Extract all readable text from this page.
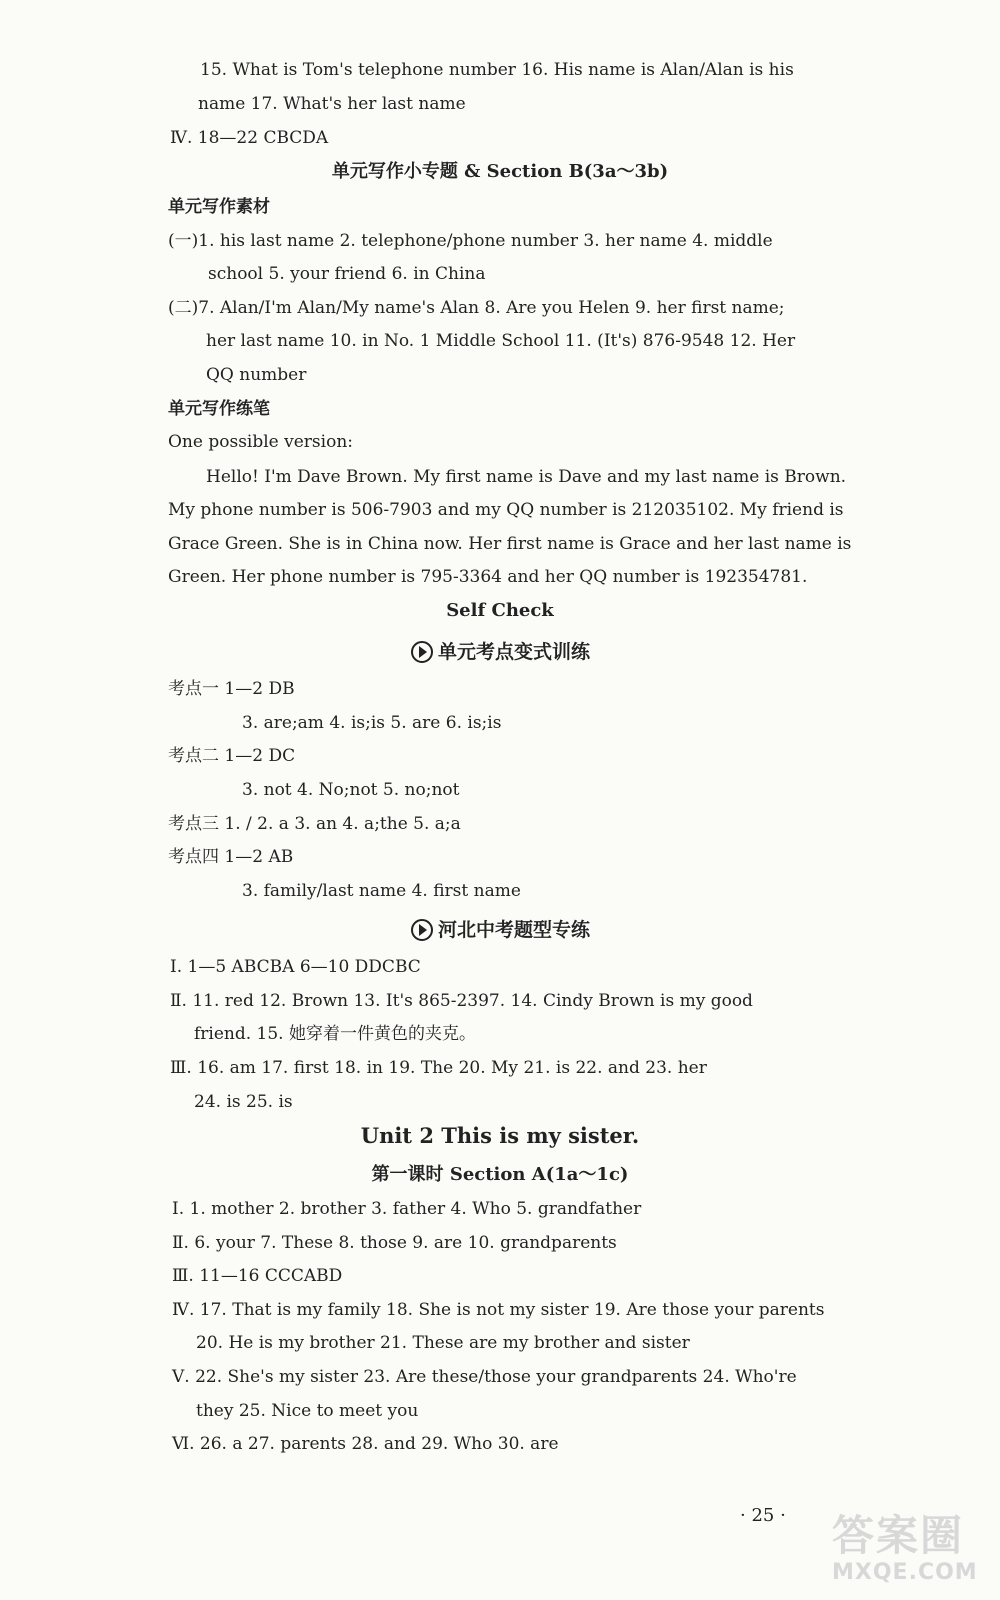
15. What is Tom's telephone number 16. His name is Alan/Alan is his
name 17. What's her last name
Ⅳ. 18—22 CBCDA
单元写作小专题 & Section B(3a～3b)
单元写作素材
(一)1. his last name 2. telephone/phone number 3. her name 4. middle
school 5. your friend 6. in China
(二)7. Alan/I'm Alan/My name's Alan 8. Are you Helen 9. her first name;
her last name 10. in No. 1 Middle School 11. (It's) 876-9548 12. Her
QQ number
单元写作练笔
One possible version:
Hello! I'm Dave Brown. My first name is Dave and my last name is Brown.
My phone number is 506-7903 and my QQ number is 212035102. My friend is
Grace Green. She is in China now. Her first name is Grace and her last name is
Green. Her phone number is 795-3364 and her QQ number is 192354781.
Self Check
单元考点变式训练
考点一 1—2 DB
3. are;am 4. is;is 5. are 6. is;is
考点二 1—2 DC
3. not 4. No;not 5. no;not
考点三 1. / 2. a 3. an 4. a;the 5. a;a
考点四 1—2 AB
3. family/last name 4. first name
河北中考题型专练
Ⅰ. 1—5 ABCBA 6—10 DDCBC
Ⅱ. 11. red 12. Brown 13. It's 865-2397. 14. Cindy Brown is my good
friend. 15. 她穿着一件黄色的夹克。
Ⅲ. 16. am 17. first 18. in 19. The 20. My 21. is 22. and 23. her
24. is 25. is
Unit 2 This is my sister.
第一课时 Section A(1a～1c)
Ⅰ. 1. mother 2. brother 3. father 4. Who 5. grandfather
Ⅱ. 6. your 7. These 8. those 9. are 10. grandparents
Ⅲ. 11—16 CCCABD
Ⅳ. 17. That is my family 18. She is not my sister 19. Are those your parents
20. He is my brother 21. These are my brother and sister
Ⅴ. 22. She's my sister 23. Are these/those your grandparents 24. Who're
they 25. Nice to meet you
Ⅵ. 26. a 27. parents 28. and 29. Who 30. are
· 25 · 答案圈
MXQE.COM
